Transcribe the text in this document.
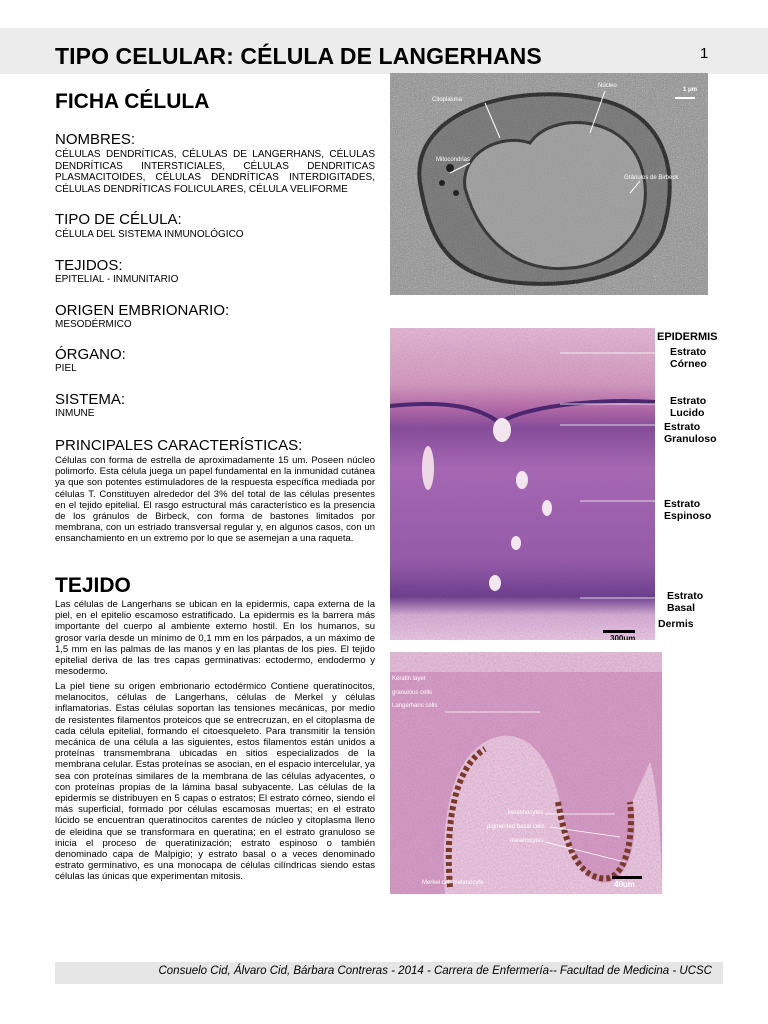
TIPO CELULAR: CÉLULA DE LANGERHANS	1
FICHA CÉLULA
NOMBRES:
CÉLULAS DENDRÍTICAS, CÉLULAS DE LANGERHANS, CÉLULAS DENDRÍTICAS INTERSTICIALES, CÉLULAS DENDRITICAS PLASMACITOIDES, CÉLULAS DENDRÍTICAS INTERDIGITADES, CÉLULAS DENDRÍTICAS FOLICULARES, CÉLULA VELIFORME
TIPO DE CÉLULA:
CÉLULA DEL SISTEMA INMUNOLÓGICO
TEJIDOS:
EPITELIAL - INMUNITARIO
ORIGEN EMBRIONARIO:
MESODÉRMICO
ÓRGANO:
PIEL
SISTEMA:
INMUNE
PRINCIPALES CARACTERÍSTICAS:
Células con forma de estrella de aproximadamente 15 um. Poseen núcleo polimorfo. Esta célula juega un papel fundamental en la inmunidad cutánea ya que son potentes estimuladores de la respuesta específica mediada por células T. Constituyen alrededor del 3% del total de las células presentes en el tejido epitelial. El rasgo estructural más característico es la presencia de los gránulos de Birbeck, con forma de bastones limitados por membrana, con un estriado transversal regular y, en algunos casos, con un ensanchamiento en un extremo por lo que se asemejan a una raqueta.
TEJIDO
Las células de Langerhans se ubican en la epidermis, capa externa de la piel, en el epitelio escamoso estratificado. La epidermis es la barrera más importante del cuerpo al ambiente externo hostil. En los humanos, su grosor varía desde un mínimo de 0,1 mm en los párpados, a un máximo de 1,5 mm en las palmas de las manos y en las plantas de los pies. El tejido epitelial deriva de las tres capas germinativas: ectodermo, endodermo y mesodermo.
La piel tiene su origen embrionario ectodérmico Contiene queratinocitos, melanocitos, células de Langerhans, células de Merkel y células inflamatorias. Estas células soportan las tensiones mecánicas, por medio de resistentes filamentos proteicos que se entrecruzan, en el citoplasma de cada célula epitelial, formando el citoesqueleto. Para transmitir la tensión mecánica de una célula a las siguientes, estos filamentos están unidos a proteínas transmembrana ubicadas en sitios especializados de la membrana celular. Estas proteínas se asocian, en el espacio intercelular, ya sea con proteínas similares de la membrana de las células adyacentes, o con proteínas propias de la lámina basal subyacente. Las células de la epidermis se distribuyen en 5 capas o estratos; El estrato córneo, siendo el más superficial, formado por células escamosas muertas; en el estrato lúcido se encuentran queratinocitos carentes de núcleo y citoplasma lleno de eleidina que se transformara en queratina; en el estrato granuloso se inicia el proceso de queratinización; estrato espinoso o también denominado capa de Malpigio; y estrato basal o a veces denominado estrato germinativo, es una monocapa de células cilíndricas siendo estas células las únicas que experimentan mitosis.
Citoplasma
Núcleo
Mitocondrias
Gránulos de Birbeck
1 μm
300um
EPIDERMIS
Estrato
Córneo
Estrato
Lucido
Estrato
Granuloso
Estrato
Espinoso
Estrato
Basal
Dermis
Keratin layer
granulous cells
Langerhans cells
keratinocytes
pigmented basal cells
melanocytes
Merkel cell-melanocyte	40um
Consuelo Cid, Álvaro Cid, Bárbara Contreras - 2014 - Carrera de Enfermería-- Facultad de Medicina - UCSC
